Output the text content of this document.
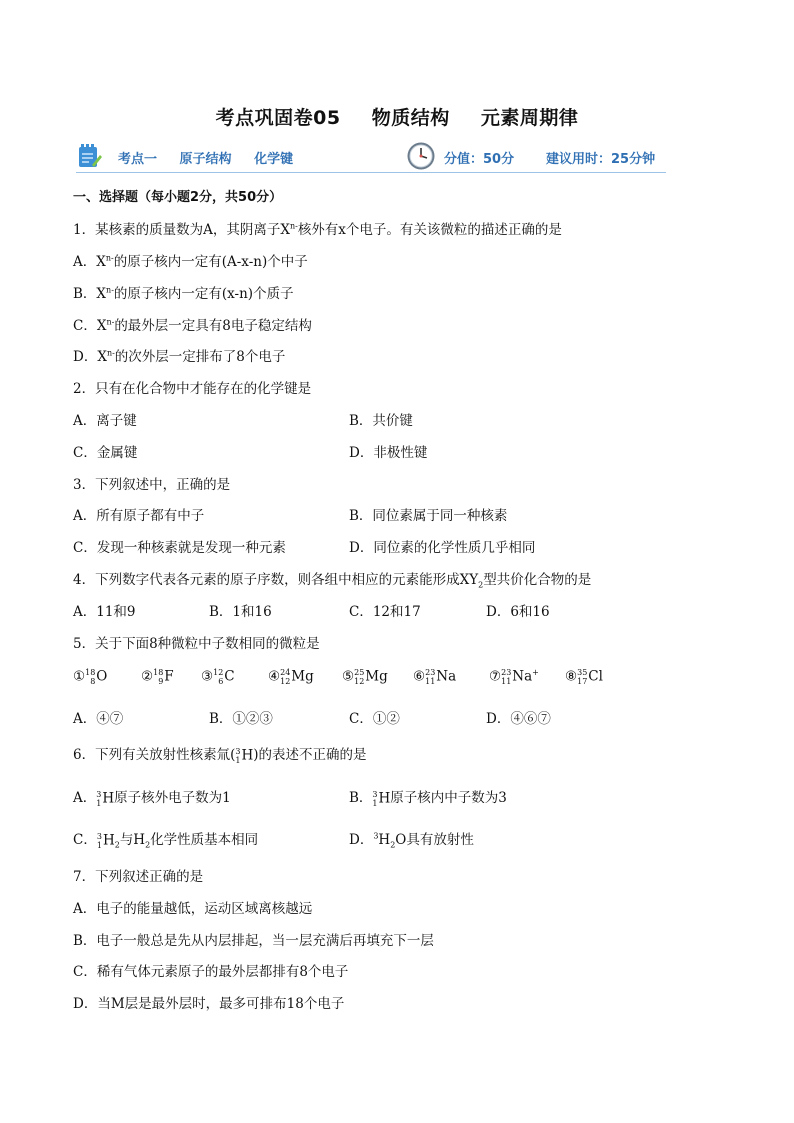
考点巩固卷05 物质结构 元素周期律
考点一 原子结构 化学键	分值：50分 建议用时：25分钟
一、选择题（每小题2分，共50分）
1．某核素的质量数为A，其阴离子$X^{n-}$核外有x个电子。有关该微粒的描述正确的是
A．$X^{n-}$的原子核内一定有(A-x-n)个中子
B．$X^{n-}$的原子核内一定有(x-n)个质子
C．$X^{n-}$的最外层一定具有8电子稳定结构
D．$X^{n-}$的次外层一定排布了8个电子
2．只有在化合物中才能存在的化学键是
A．离子键	B．共价键
C．金属键	D．非极性键
3．下列叙述中，正确的是
A．所有原子都有中子	B．同位素属于同一种核素
C．发现一种核素就是发现一种元素	D．同位素的化学性质几乎相同
4．下列数字代表各元素的原子序数，则各组中相应的元素能形成$XY_2$型共价化合物的是
A．11和9	B．1和16	C．12和17	D．6和16
5．关于下面8种微粒中子数相同的微粒是
① 18
8 O ② 18
9 F ③ 12
6 C ④ 24
12 Mg ⑤ 25
12 Mg ⑥ 23
11 Na ⑦ 23
11 Na+ ⑧ 35
17 Cl
A．④⑦	B．①②③	C．①②	D．④⑥⑦
6．下列有关放射性核素氚( 3
1 H)的表述不正确的是
A． 3
1 H原子核外电子数为1	B． 3
1 H原子核内中子数为3
C． 3
1 $H_2$与$H_2$化学性质基本相同	D．$^3H_2O$具有放射性
7．下列叙述正确的是
A．电子的能量越低，运动区域离核越远
B．电子一般总是先从内层排起，当一层充满后再填充下一层
C．稀有气体元素原子的最外层都排有8个电子
D．当M层是最外层时，最多可排布18个电子
